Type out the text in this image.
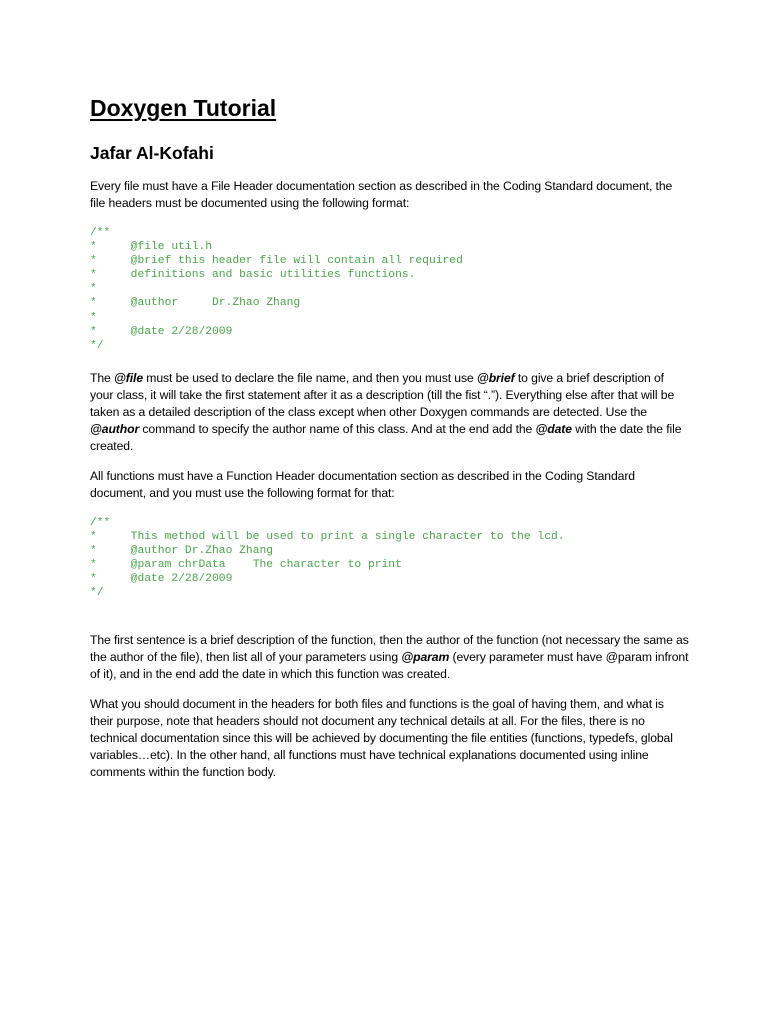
Doxygen Tutorial
Jafar Al-Kofahi

Every file must have a File Header documentation section as described in the Coding Standard document, the file headers must be documented using the following format:

/**
*     @file util.h
*     @brief this header file will contain all required
*     definitions and basic utilities functions.
*
*     @author     Dr.Zhao Zhang
*
*     @date 2/28/2009
*/

The @file must be used to declare the file name, and then you must use @brief to give a brief description of your class, it will take the first statement after it as a description (till the fist “.”). Everything else after that will be taken as a detailed description of the class except when other Doxygen commands are detected. Use the @author command to specify the author name of this class. And at the end add the @date with the date the file created.

All functions must have a Function Header documentation section as described in the Coding Standard document, and you must use the following format for that:

/**
*     This method will be used to print a single character to the lcd.
*     @author Dr.Zhao Zhang
*     @param chrData    The character to print
*     @date 2/28/2009
*/

The first sentence is a brief description of the function, then the author of the function (not necessary the same as the author of the file), then list all of your parameters using @param (every parameter must have @param infront of it), and in the end add the date in which this function was created.

What you should document in the headers for both files and functions is the goal of having them, and what is their purpose, note that headers should not document any technical details at all. For the files, there is no technical documentation since this will be achieved by documenting the file entities (functions, typedefs, global variables…etc). In the other hand, all functions must have technical explanations documented using inline comments within the function body.
